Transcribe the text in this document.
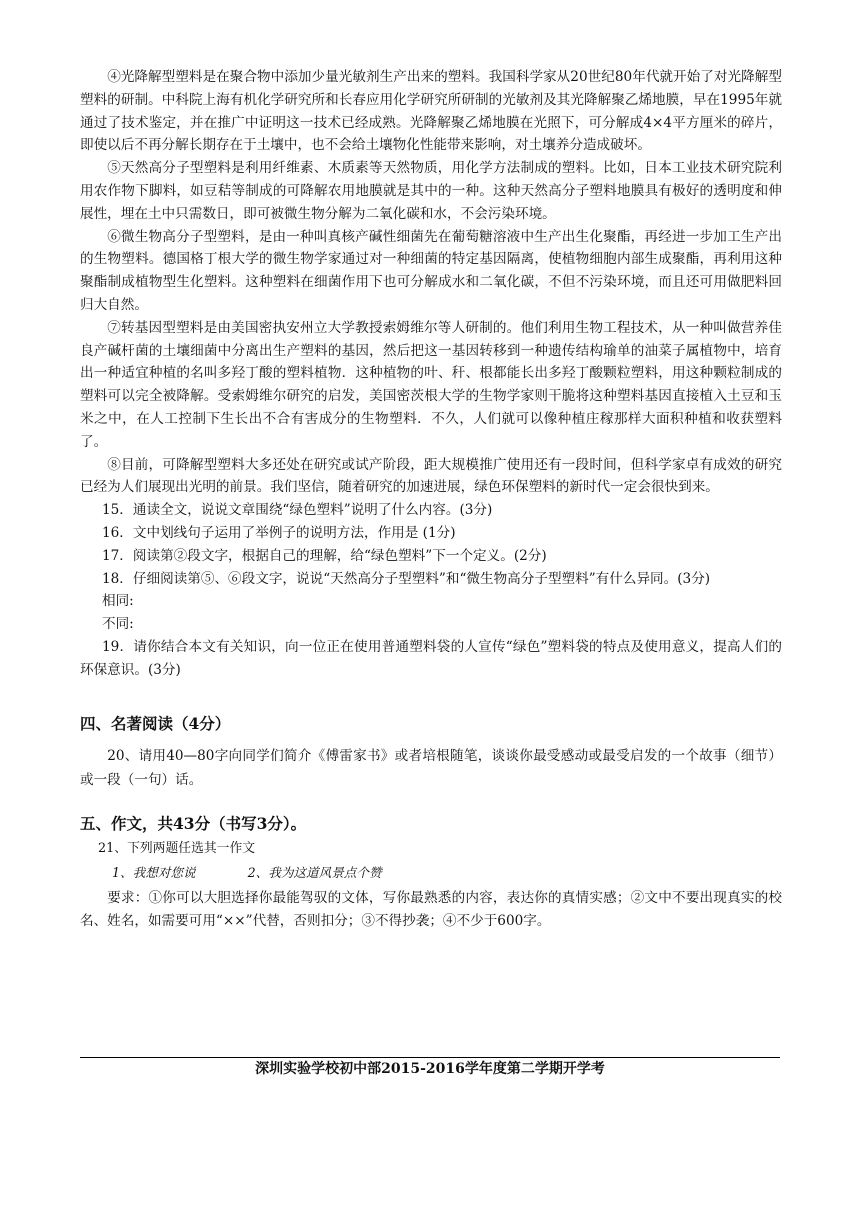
④光降解型塑料是在聚合物中添加少量光敏剂生产出来的塑料。我国科学家从20世纪80年代就开始了对光降解型塑料的研制。中科院上海有机化学研究所和长春应用化学研究所研制的光敏剂及其光降解聚乙烯地膜，早在1995年就通过了技术鉴定，并在推广中证明这一技术已经成熟。光降解聚乙烯地膜在光照下，可分解成4×4平方厘米的碎片，即使以后不再分解长期存在于土壤中，也不会给土壤物化性能带来影响，对土壤养分造成破坏。

⑤天然高分子型塑料是利用纤维素、木质素等天然物质，用化学方法制成的塑料。比如，日本工业技术研究院利用农作物下脚料，如豆秸等制成的可降解农用地膜就是其中的一种。这种天然高分子塑料地膜具有极好的透明度和伸展性，埋在土中只需数日，即可被微生物分解为二氧化碳和水，不会污染环境。

⑥微生物高分子型塑料，是由一种叫真核产碱性细菌先在葡萄糖溶液中生产出生化聚酯，再经进一步加工生产出的生物塑料。德国格丁根大学的微生物学家通过对一种细菌的特定基因隔离，使植物细胞内部生成聚酯，再利用这种聚酯制成植物型生化塑料。这种塑料在细菌作用下也可分解成水和二氧化碳，不但不污染环境，而且还可用做肥料回归大自然。

⑦转基因型塑料是由美国密执安州立大学教授索姆维尔等人研制的。他们利用生物工程技术，从一种叫做营养佳良产碱杆菌的土壤细菌中分离出生产塑料的基因，然后把这一基因转移到一种遗传结构瑜单的油菜子属植物中，培育出一种适宜种植的名叫多羟丁酸的塑料植物．这种植物的叶、秆、根都能长出多羟丁酸颗粒塑料，用这种颗粒制成的塑料可以完全被降解。受索姆维尔研究的启发，美国密茨根大学的生物学家则干脆将这种塑料基因直接植入土豆和玉米之中，在人工控制下生长出不合有害成分的生物塑料．不久，人们就可以像种植庄稼那样大面积种植和收获塑料了。

⑧目前，可降解型塑料大多还处在研究或试产阶段，距大规模推广使用还有一段时间，但科学家卓有成效的研究已经为人们展现出光明的前景。我们坚信，随着研究的加速进展，绿色环保塑料的新时代一定会很快到来。

15．通读全文，说说文章围绕“绿色塑料”说明了什么内容。(3分)

16．文中划线句子运用了举例子的说明方法，作用是 (1分)

17．阅读第②段文字，根据自己的理解，给“绿色塑料”下一个定义。(2分)

18．仔细阅读第⑤、⑥段文字，说说“天然高分子型塑料”和“微生物高分子型塑料”有什么异同。(3分)

相同:

不同:

19．请你结合本文有关知识，向一位正在使用普通塑料袋的人宣传“绿色”塑料袋的特点及使用意义，提高人们的环保意识。(3分)

四、名著阅读（4分）

20、请用40—80字向同学们简介《傅雷家书》或者培根随笔，谈谈你最受感动或最受启发的一个故事（细节）或一段（一句）话。

五、作文，共43分（书写3分）。
21、下列两题任选其一作文
1、我想对您说             2、我为这道风景点个赞

要求：①你可以大胆选择你最能驾驭的文体，写你最熟悉的内容，表达你的真情实感；②文中不要出现真实的校名、姓名，如需要可用“××”代替，否则扣分；③不得抄袭；④不少于600字。

深圳实验学校初中部2015-2016学年度第二学期开学考
